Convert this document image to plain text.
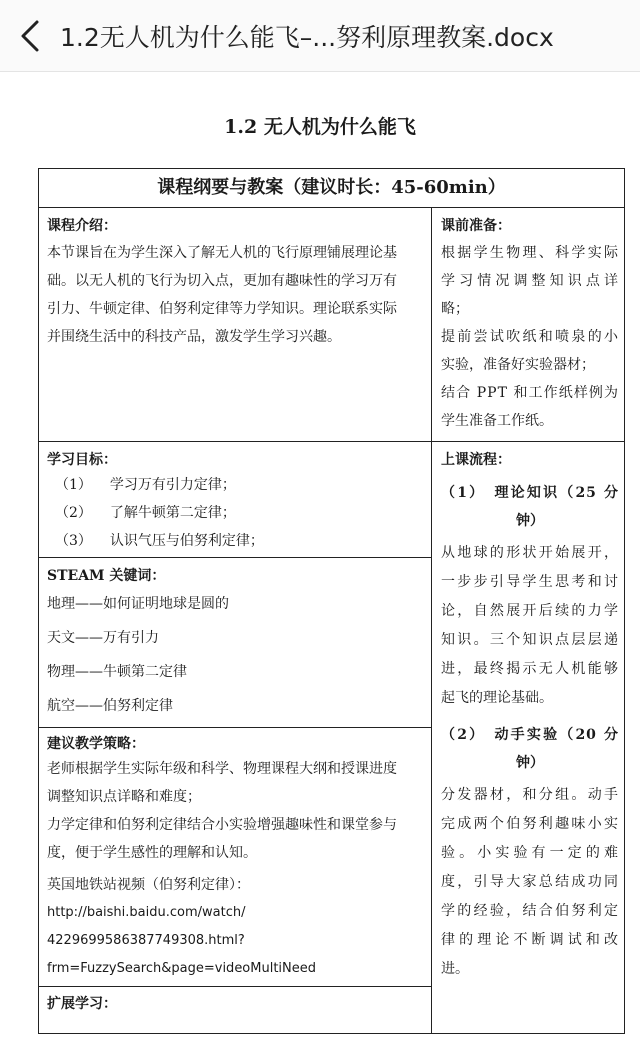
1.2无人机为什么能飞–...努利原理教案.docx
1.2 无人机为什么能飞
课程纲要与教案（建议时长：45-60min）
课程介绍：
本节课旨在为学生深入了解无人机的飞行原理铺展理论基
础。以无人机的飞行为切入点，更加有趣味性的学习万有
引力、牛顿定律、伯努利定律等力学知识。理论联系实际
并围绕生活中的科技产品，激发学生学习兴趣。
课前准备：
根据学生物理、科学实际
学习情况调整知识点详
略；
提前尝试吹纸和喷泉的小
实验，准备好实验器材；
结合 PPT 和工作纸样例为
学生准备工作纸。
学习目标：
（1） 学习万有引力定律；
（2） 了解牛顿第二定律；
（3） 认识气压与伯努利定律；
STEAM 关键词：
地理——如何证明地球是圆的
天文——万有引力
物理——牛顿第二定律
航空——伯努利定律
建议教学策略：
老师根据学生实际年级和科学、物理课程大纲和授课进度
调整知识点详略和难度；
力学定律和伯努利定律结合小实验增强趣味性和课堂参与
度，便于学生感性的理解和认知。
英国地铁站视频（伯努利定律）：
http://baishi.baidu.com/watch/
4229699586387749308.html?
frm=FuzzySearch&page=videoMultiNeed
扩展学习：
上课流程：
（1）　理论知识（25 分
钟）
从地球的形状开始展开，
一步步引导学生思考和讨
论，自然展开后续的力学
知识。三个知识点层层递
进，最终揭示无人机能够
起飞的理论基础。
（2）　动手实验（20 分
钟）
分发器材，和分组。动手
完成两个伯努利趣味小实
验。小实验有一定的难
度，引导大家总结成功同
学的经验，结合伯努利定
律的理论不断调试和改
进。
